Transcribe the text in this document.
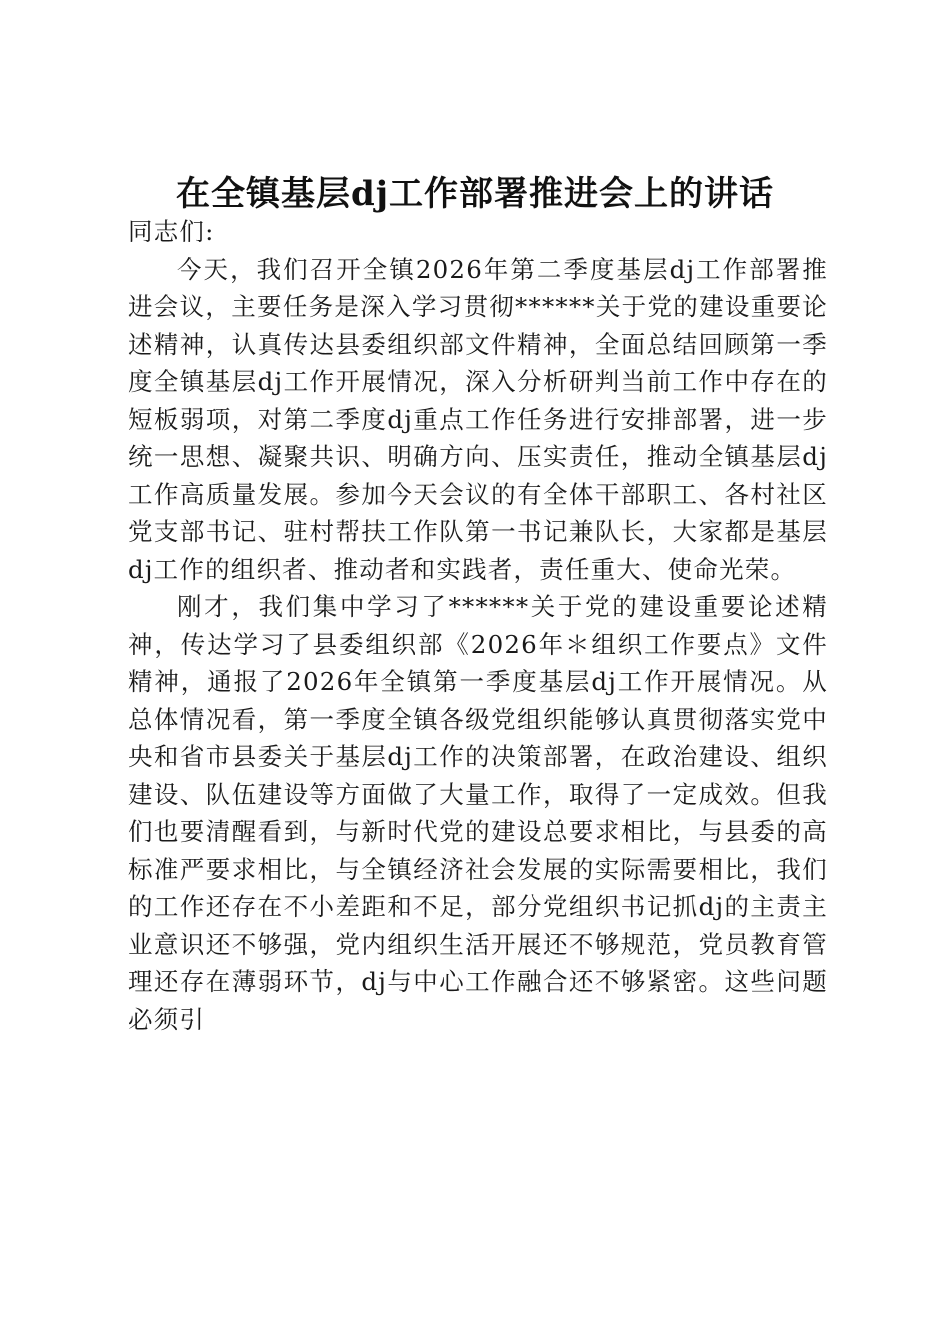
在全镇基层dj工作部署推进会上的讲话

同志们:

今天，我们召开全镇2026年第二季度基层dj工作部署推进会议，主要任务是深入学习贯彻******关于党的建设重要论述精神，认真传达县委组织部文件精神，全面总结回顾第一季度全镇基层dj工作开展情况，深入分析研判当前工作中存在的短板弱项，对第二季度dj重点工作任务进行安排部署，进一步统一思想、凝聚共识、明确方向、压实责任，推动全镇基层dj工作高质量发展。参加今天会议的有全体干部职工、各村社区党支部书记、驻村帮扶工作队第一书记兼队长，大家都是基层dj工作的组织者、推动者和实践者，责任重大、使命光荣。

刚才，我们集中学习了******关于党的建设重要论述精神，传达学习了县委组织部《2026年＊组织工作要点》文件精神，通报了2026年全镇第一季度基层dj工作开展情况。从总体情况看，第一季度全镇各级党组织能够认真贯彻落实党中央和省市县委关于基层dj工作的决策部署，在政治建设、组织建设、队伍建设等方面做了大量工作，取得了一定成效。但我们也要清醒看到，与新时代党的建设总要求相比，与县委的高标准严要求相比，与全镇经济社会发展的实际需要相比，我们的工作还存在不小差距和不足，部分党组织书记抓dj的主责主业意识还不够强，党内组织生活开展还不够规范，党员教育管理还存在薄弱环节，dj与中心工作融合还不够紧密。这些问题必须引
